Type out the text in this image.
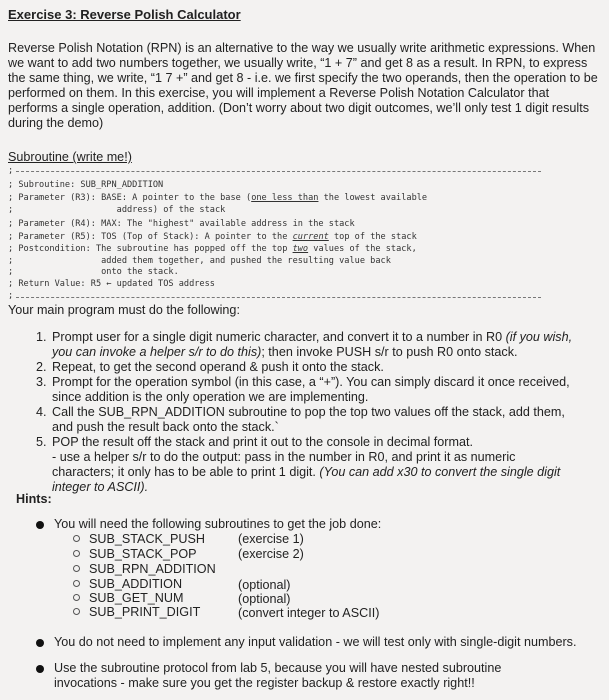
Exercise 3: Reverse Polish Calculator
Reverse Polish Notation (RPN) is an alternative to the way we usually write arithmetic expressions. When we want to add two numbers together, we usually write, “1 + 7” and get 8 as a result. In RPN, to express the same thing, we write, “1 7 +” and get 8 - i.e. we first specify the two operands, then the operation to be performed on them. In this exercise, you will implement a Reverse Polish Notation Calculator that performs a single operation, addition. (Don’t worry about two digit outcomes, we’ll only test 1 digit results during the demo)
Subroutine (write me!)
;
; Subroutine: SUB_RPN_ADDITION
; Parameter (R3): BASE: A pointer to the base (one less than the lowest available
;                    address) of the stack
; Parameter (R4): MAX: The "highest" available address in the stack
; Parameter (R5): TOS (Top of Stack): A pointer to the current top of the stack
; Postcondition: The subroutine has popped off the top two values of the stack,
;                 added them together, and pushed the resulting value back
;                 onto the stack.
; Return Value: R5 ← updated TOS address
;
Your main program must do the following:
1. Prompt user for a single digit numeric character, and convert it to a number in R0 (if you wish, you can invoke a helper s/r to do this); then invoke PUSH s/r to push R0 onto stack.
2. Repeat, to get the second operand & push it onto the stack.
3. Prompt for the operation symbol (in this case, a “+”). You can simply discard it once received, since addition is the only operation we are implementing.
4. Call the SUB_RPN_ADDITION subroutine to pop the top two values off the stack, add them, and push the result back onto the stack.`
5. POP the result off the stack and print it out to the console in decimal format.
- use a helper s/r to do the output: pass in the number in R0, and print it as numeric characters; it only has to be able to print 1 digit. (You can add x30 to convert the single digit integer to ASCII).
Hints:
You will need the following subroutines to get the job done:
SUB_STACK_PUSH	(exercise 1)
SUB_STACK_POP	(exercise 2)
SUB_RPN_ADDITION
SUB_ADDITION	(optional)
SUB_GET_NUM	(optional)
SUB_PRINT_DIGIT	(convert integer to ASCII)
You do not need to implement any input validation - we will test only with single-digit numbers.
Use the subroutine protocol from lab 5, because you will have nested subroutine invocations - make sure you get the register backup & restore exactly right!!
